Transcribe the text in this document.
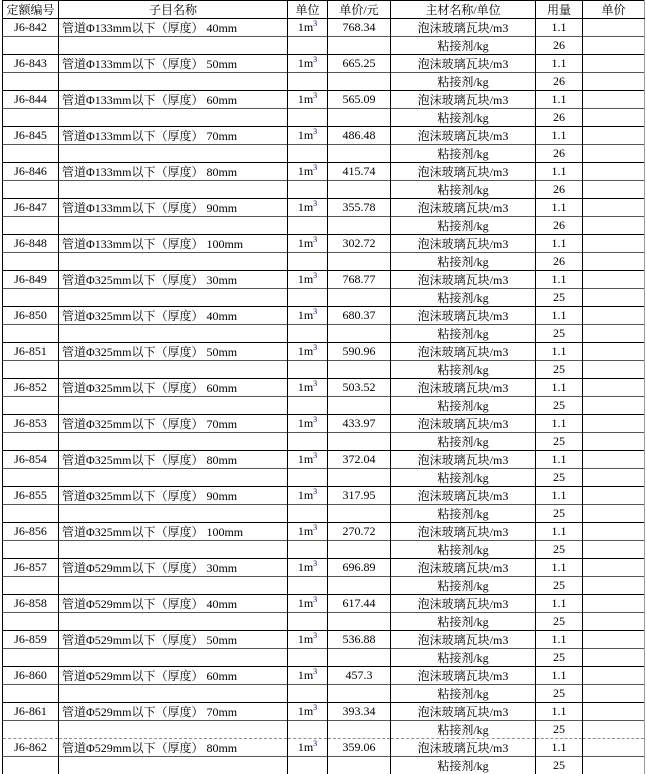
定额编号	子目名称	单位	单价/元	主材名称/单位	用量	单价
J6-842	管道Φ133mm以下（厚度） 40mm	$1m^3$	768.34	泡沫玻璃瓦块/m3	1.1	
				粘接剂/kg	26	
J6-843	管道Φ133mm以下（厚度） 50mm	$1m^3$	665.25	泡沫玻璃瓦块/m3	1.1	
				粘接剂/kg	26	
J6-844	管道Φ133mm以下（厚度） 60mm	$1m^3$	565.09	泡沫玻璃瓦块/m3	1.1	
				粘接剂/kg	26	
J6-845	管道Φ133mm以下（厚度） 70mm	$1m^3$	486.48	泡沫玻璃瓦块/m3	1.1	
				粘接剂/kg	26	
J6-846	管道Φ133mm以下（厚度） 80mm	$1m^3$	415.74	泡沫玻璃瓦块/m3	1.1	
				粘接剂/kg	26	
J6-847	管道Φ133mm以下（厚度） 90mm	$1m^3$	355.78	泡沫玻璃瓦块/m3	1.1	
				粘接剂/kg	26	
J6-848	管道Φ133mm以下（厚度） 100mm	$1m^3$	302.72	泡沫玻璃瓦块/m3	1.1	
				粘接剂/kg	26	
J6-849	管道Φ325mm以下（厚度） 30mm	$1m^3$	768.77	泡沫玻璃瓦块/m3	1.1	
				粘接剂/kg	25	
J6-850	管道Φ325mm以下（厚度） 40mm	$1m^3$	680.37	泡沫玻璃瓦块/m3	1.1	
				粘接剂/kg	25	
J6-851	管道Φ325mm以下（厚度） 50mm	$1m^3$	590.96	泡沫玻璃瓦块/m3	1.1	
				粘接剂/kg	25	
J6-852	管道Φ325mm以下（厚度） 60mm	$1m^3$	503.52	泡沫玻璃瓦块/m3	1.1	
				粘接剂/kg	25	
J6-853	管道Φ325mm以下（厚度） 70mm	$1m^3$	433.97	泡沫玻璃瓦块/m3	1.1	
				粘接剂/kg	25	
J6-854	管道Φ325mm以下（厚度） 80mm	$1m^3$	372.04	泡沫玻璃瓦块/m3	1.1	
				粘接剂/kg	25	
J6-855	管道Φ325mm以下（厚度） 90mm	$1m^3$	317.95	泡沫玻璃瓦块/m3	1.1	
				粘接剂/kg	25	
J6-856	管道Φ325mm以下（厚度） 100mm	$1m^3$	270.72	泡沫玻璃瓦块/m3	1.1	
				粘接剂/kg	25	
J6-857	管道Φ529mm以下（厚度） 30mm	$1m^3$	696.89	泡沫玻璃瓦块/m3	1.1	
				粘接剂/kg	25	
J6-858	管道Φ529mm以下（厚度） 40mm	$1m^3$	617.44	泡沫玻璃瓦块/m3	1.1	
				粘接剂/kg	25	
J6-859	管道Φ529mm以下（厚度） 50mm	$1m^3$	536.88	泡沫玻璃瓦块/m3	1.1	
				粘接剂/kg	25	
J6-860	管道Φ529mm以下（厚度） 60mm	$1m^3$	457.3	泡沫玻璃瓦块/m3	1.1	
				粘接剂/kg	25	
J6-861	管道Φ529mm以下（厚度） 70mm	$1m^3$	393.34	泡沫玻璃瓦块/m3	1.1	
				粘接剂/kg	25	
J6-862	管道Φ529mm以下（厚度） 80mm	$1m^3$	359.06	泡沫玻璃瓦块/m3	1.1	
				粘接剂/kg	25	
